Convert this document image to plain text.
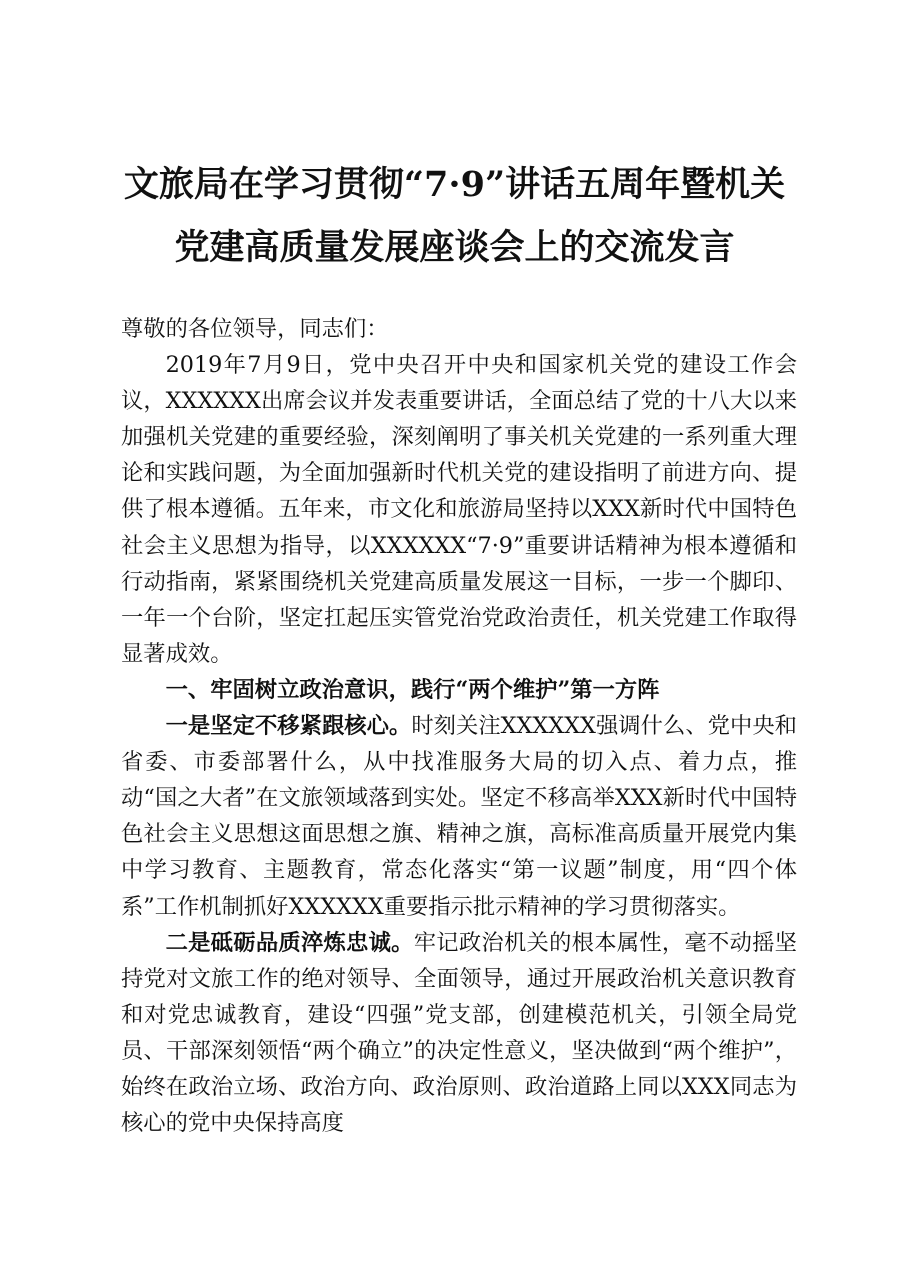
文旅局在学习贯彻“7·9”讲话五周年暨机关
党建高质量发展座谈会上的交流发言

尊敬的各位领导，同志们：

2019年7月9日，党中央召开中央和国家机关党的建设工作会议，XXXXXX出席会议并发表重要讲话，全面总结了党的十八大以来加强机关党建的重要经验，深刻阐明了事关机关党建的一系列重大理论和实践问题，为全面加强新时代机关党的建设指明了前进方向、提供了根本遵循。五年来，市文化和旅游局坚持以XXX新时代中国特色社会主义思想为指导，以XXXXXX“7·9”重要讲话精神为根本遵循和行动指南，紧紧围绕机关党建高质量发展这一目标，一步一个脚印、一年一个台阶，坚定扛起压实管党治党政治责任，机关党建工作取得显著成效。

一、牢固树立政治意识，践行“两个维护”第一方阵

一是坚定不移紧跟核心。时刻关注XXXXXX强调什么、党中央和省委、市委部署什么，从中找准服务大局的切入点、着力点，推动“国之大者”在文旅领域落到实处。坚定不移高举XXX新时代中国特色社会主义思想这面思想之旗、精神之旗，高标准高质量开展党内集中学习教育、主题教育，常态化落实“第一议题”制度，用“四个体系”工作机制抓好XXXXXX重要指示批示精神的学习贯彻落实。

二是砥砺品质淬炼忠诚。牢记政治机关的根本属性，毫不动摇坚持党对文旅工作的绝对领导、全面领导，通过开展政治机关意识教育和对党忠诚教育，建设“四强”党支部，创建模范机关，引领全局党员、干部深刻领悟“两个确立”的决定性意义，坚决做到“两个维护”，始终在政治立场、政治方向、政治原则、政治道路上同以XXX同志为核心的党中央保持高度
